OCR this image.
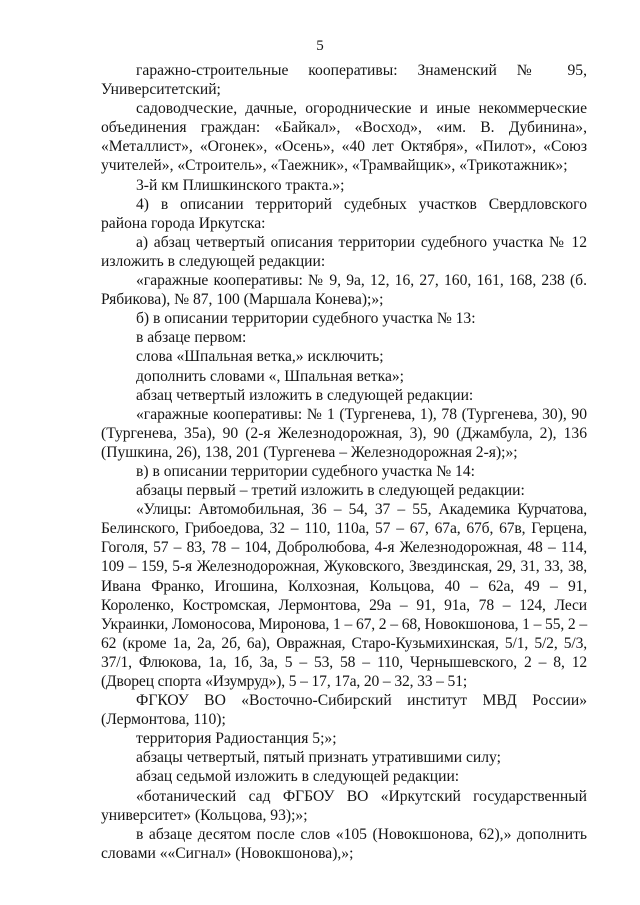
5

гаражно-строительные кооперативы: Знаменский № 95, Университетский;

садоводческие, дачные, огороднические и иные некоммерческие объединения граждан: «Байкал», «Восход», «им. В. Дубинина», «Металлист», «Огонек», «Осень», «40 лет Октября», «Пилот», «Союз учителей», «Строитель», «Таежник», «Трамвайщик», «Трикотажник»;

3-й км Плишкинского тракта.»;

4) в описании территорий судебных участков Свердловского района города Иркутска:

а) абзац четвертый описания территории судебного участка № 12 изложить в следующей редакции:

«гаражные кооперативы: № 9, 9а, 12, 16, 27, 160, 161, 168, 238 (б. Рябикова), № 87, 100 (Маршала Конева);»;

б) в описании территории судебного участка № 13:

в абзаце первом:

слова «Шпальная ветка,» исключить;

дополнить словами «, Шпальная ветка»;

абзац четвертый изложить в следующей редакции:

«гаражные кооперативы: № 1 (Тургенева, 1), 78 (Тургенева, 30), 90 (Тургенева, 35а), 90 (2-я Железнодорожная, 3), 90 (Джамбула, 2), 136 (Пушкина, 26), 138, 201 (Тургенева – Железнодорожная 2-я);»;

в) в описании территории судебного участка № 14:

абзацы первый – третий изложить в следующей редакции:

«Улицы: Автомобильная, 36 – 54, 37 – 55, Академика Курчатова, Белинского, Грибоедова, 32 – 110, 110а, 57 – 67, 67а, 67б, 67в, Герцена, Гоголя, 57 – 83, 78 – 104, Добролюбова, 4-я Железнодорожная, 48 – 114, 109 – 159, 5-я Железнодорожная, Жуковского, Звездинская, 29, 31, 33, 38, Ивана Франко, Игошина, Колхозная, Кольцова, 40 – 62а, 49 – 91, Короленко, Костромская, Лермонтова, 29а – 91, 91а, 78 – 124, Леси Украинки, Ломоносова, Миронова, 1 – 67, 2 – 68, Новокшонова, 1 – 55, 2 – 62 (кроме 1а, 2а, 2б, 6а), Овражная, Старо-Кузьмихинская, 5/1, 5/2, 5/3, 37/1, Флюкова, 1а, 1б, 3а, 5 – 53, 58 – 110, Чернышевского, 2 – 8, 12 (Дворец спорта «Изумруд»), 5 – 17, 17а, 20 – 32, 33 – 51;

ФГКОУ ВО «Восточно-Сибирский институт МВД России» (Лермонтова, 110);

территория Радиостанция 5;»;

абзацы четвертый, пятый признать утратившими силу;

абзац седьмой изложить в следующей редакции:

«ботанический сад ФГБОУ ВО «Иркутский государственный университет» (Кольцова, 93);»;

в абзаце десятом после слов «105 (Новокшонова, 62),» дополнить словами ««Сигнал» (Новокшонова),»;
